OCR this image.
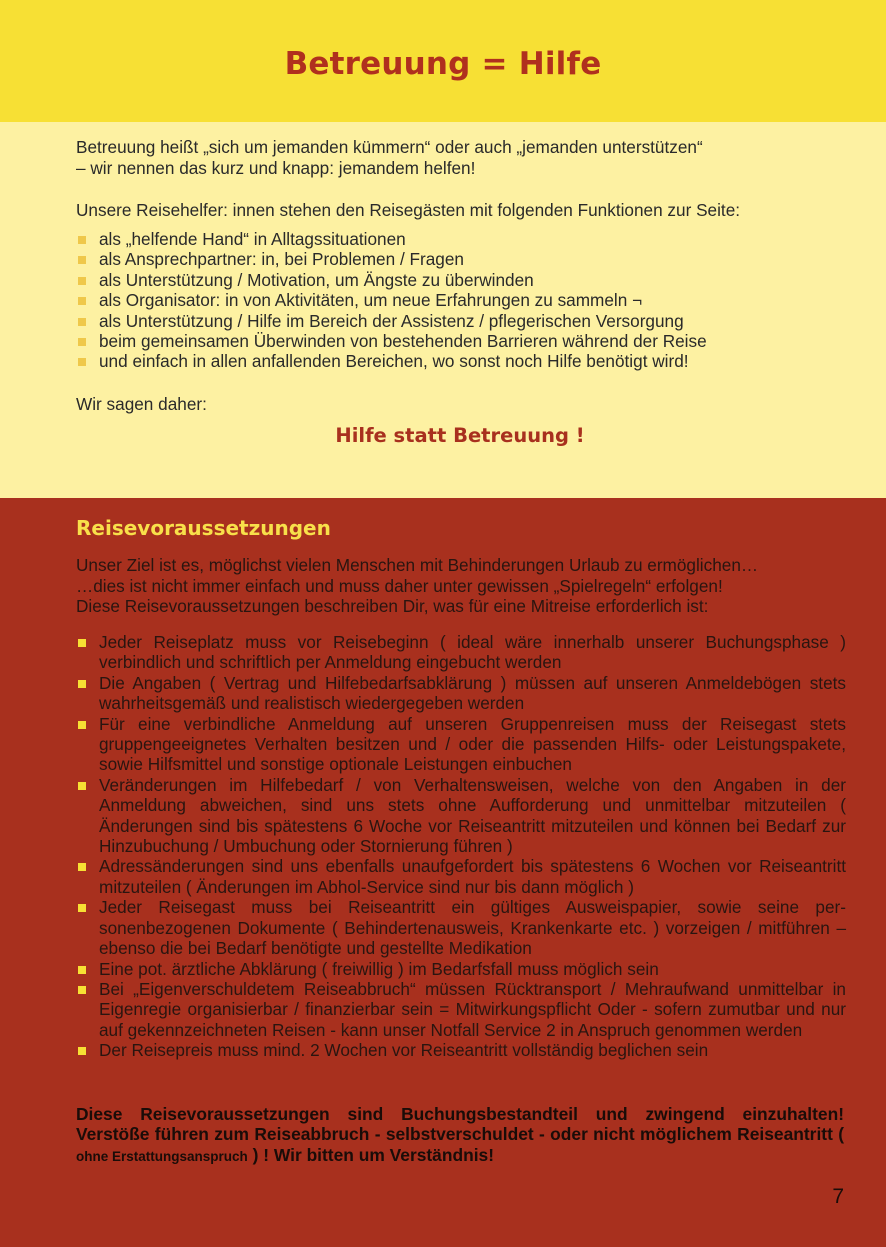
Betreuung = Hilfe

Betreuung heißt „sich um jemanden kümmern“ oder auch „jemanden unterstützen“
– wir nennen das kurz und knapp: jemandem helfen!

Unsere Reisehelfer: innen stehen den Reisegästen mit folgenden Funktionen zur Seite:

als „helfende Hand“ in Alltagssituationen
als Ansprechpartner: in, bei Problemen / Fragen
als Unterstützung / Motivation, um Ängste zu überwinden
als Organisator: in von Aktivitäten, um neue Erfahrungen zu sammeln ¬
als Unterstützung / Hilfe im Bereich der Assistenz / pflegerischen Versorgung
beim gemeinsamen Überwinden von bestehenden Barrieren während der Reise
und einfach in allen anfallenden Bereichen, wo sonst noch Hilfe benötigt wird!

Wir sagen daher:

Hilfe statt Betreuung !

Reisevoraussetzungen

Unser Ziel ist es, möglichst vielen Menschen mit Behinderungen Urlaub zu ermöglichen…
…dies ist nicht immer einfach und muss daher unter gewissen „Spielregeln“ erfolgen!
Diese Reisevoraussetzungen beschreiben Dir, was für eine Mitreise erforderlich ist:

Jeder Reiseplatz muss vor Reisebeginn ( ideal wäre innerhalb unserer Buchungsphase ) verbindlich und schriftlich per Anmeldung eingebucht werden
Die Angaben ( Vertrag und Hilfebedarfsabklärung ) müssen auf unseren Anmeldebögen stets wahrheitsgemäß und realistisch wiedergegeben werden
Für eine verbindliche Anmeldung auf unseren Gruppenreisen muss der Reisegast stets gruppengeeignetes Verhalten besitzen und / oder die passenden Hilfs- oder Leistungspakete, sowie Hilfsmittel und sonstige optionale Leistungen einbuchen
Veränderungen im Hilfebedarf / von Verhaltensweisen, welche von den Angaben in der Anmeldung abweichen, sind uns stets ohne Aufforderung und unmittelbar mitzuteilen ( Änderungen sind bis spätestens 6 Woche vor Reiseantritt mitzuteilen und können bei Bedarf zur Hinzubuchung / Umbuchung oder Stornierung führen )
Adressänderungen sind uns ebenfalls unaufgefordert bis spätestens 6 Wochen vor Reiseantritt mitzuteilen ( Änderungen im Abhol-Service sind nur bis dann möglich )
Jeder Reisegast muss bei Reiseantritt ein gültiges Ausweispapier, sowie seine personenbezogenen Dokumente ( Behindertenausweis, Krankenkarte etc. ) vorzeigen / mitführen – ebenso die bei Bedarf benötigte und gestellte Medikation
Eine pot. ärztliche Abklärung ( freiwillig ) im Bedarfsfall muss möglich sein
Bei „Eigenverschuldetem Reiseabbruch“ müssen Rücktransport / Mehraufwand unmittelbar in Eigenregie organisierbar / finanzierbar sein = Mitwirkungspflicht Oder - sofern zumutbar und nur auf gekennzeichneten Reisen - kann unser Notfall Service 2 in Anspruch genommen werden
Der Reisepreis muss mind. 2 Wochen vor Reiseantritt vollständig beglichen sein

Diese Reisevoraussetzungen sind Buchungsbestandteil und zwingend einzuhalten! Verstöße führen zum Reiseabbruch - selbstverschuldet - oder nicht möglichem Reiseantritt ( ohne Erstattungsanspruch ) ! Wir bitten um Verständnis!

7
